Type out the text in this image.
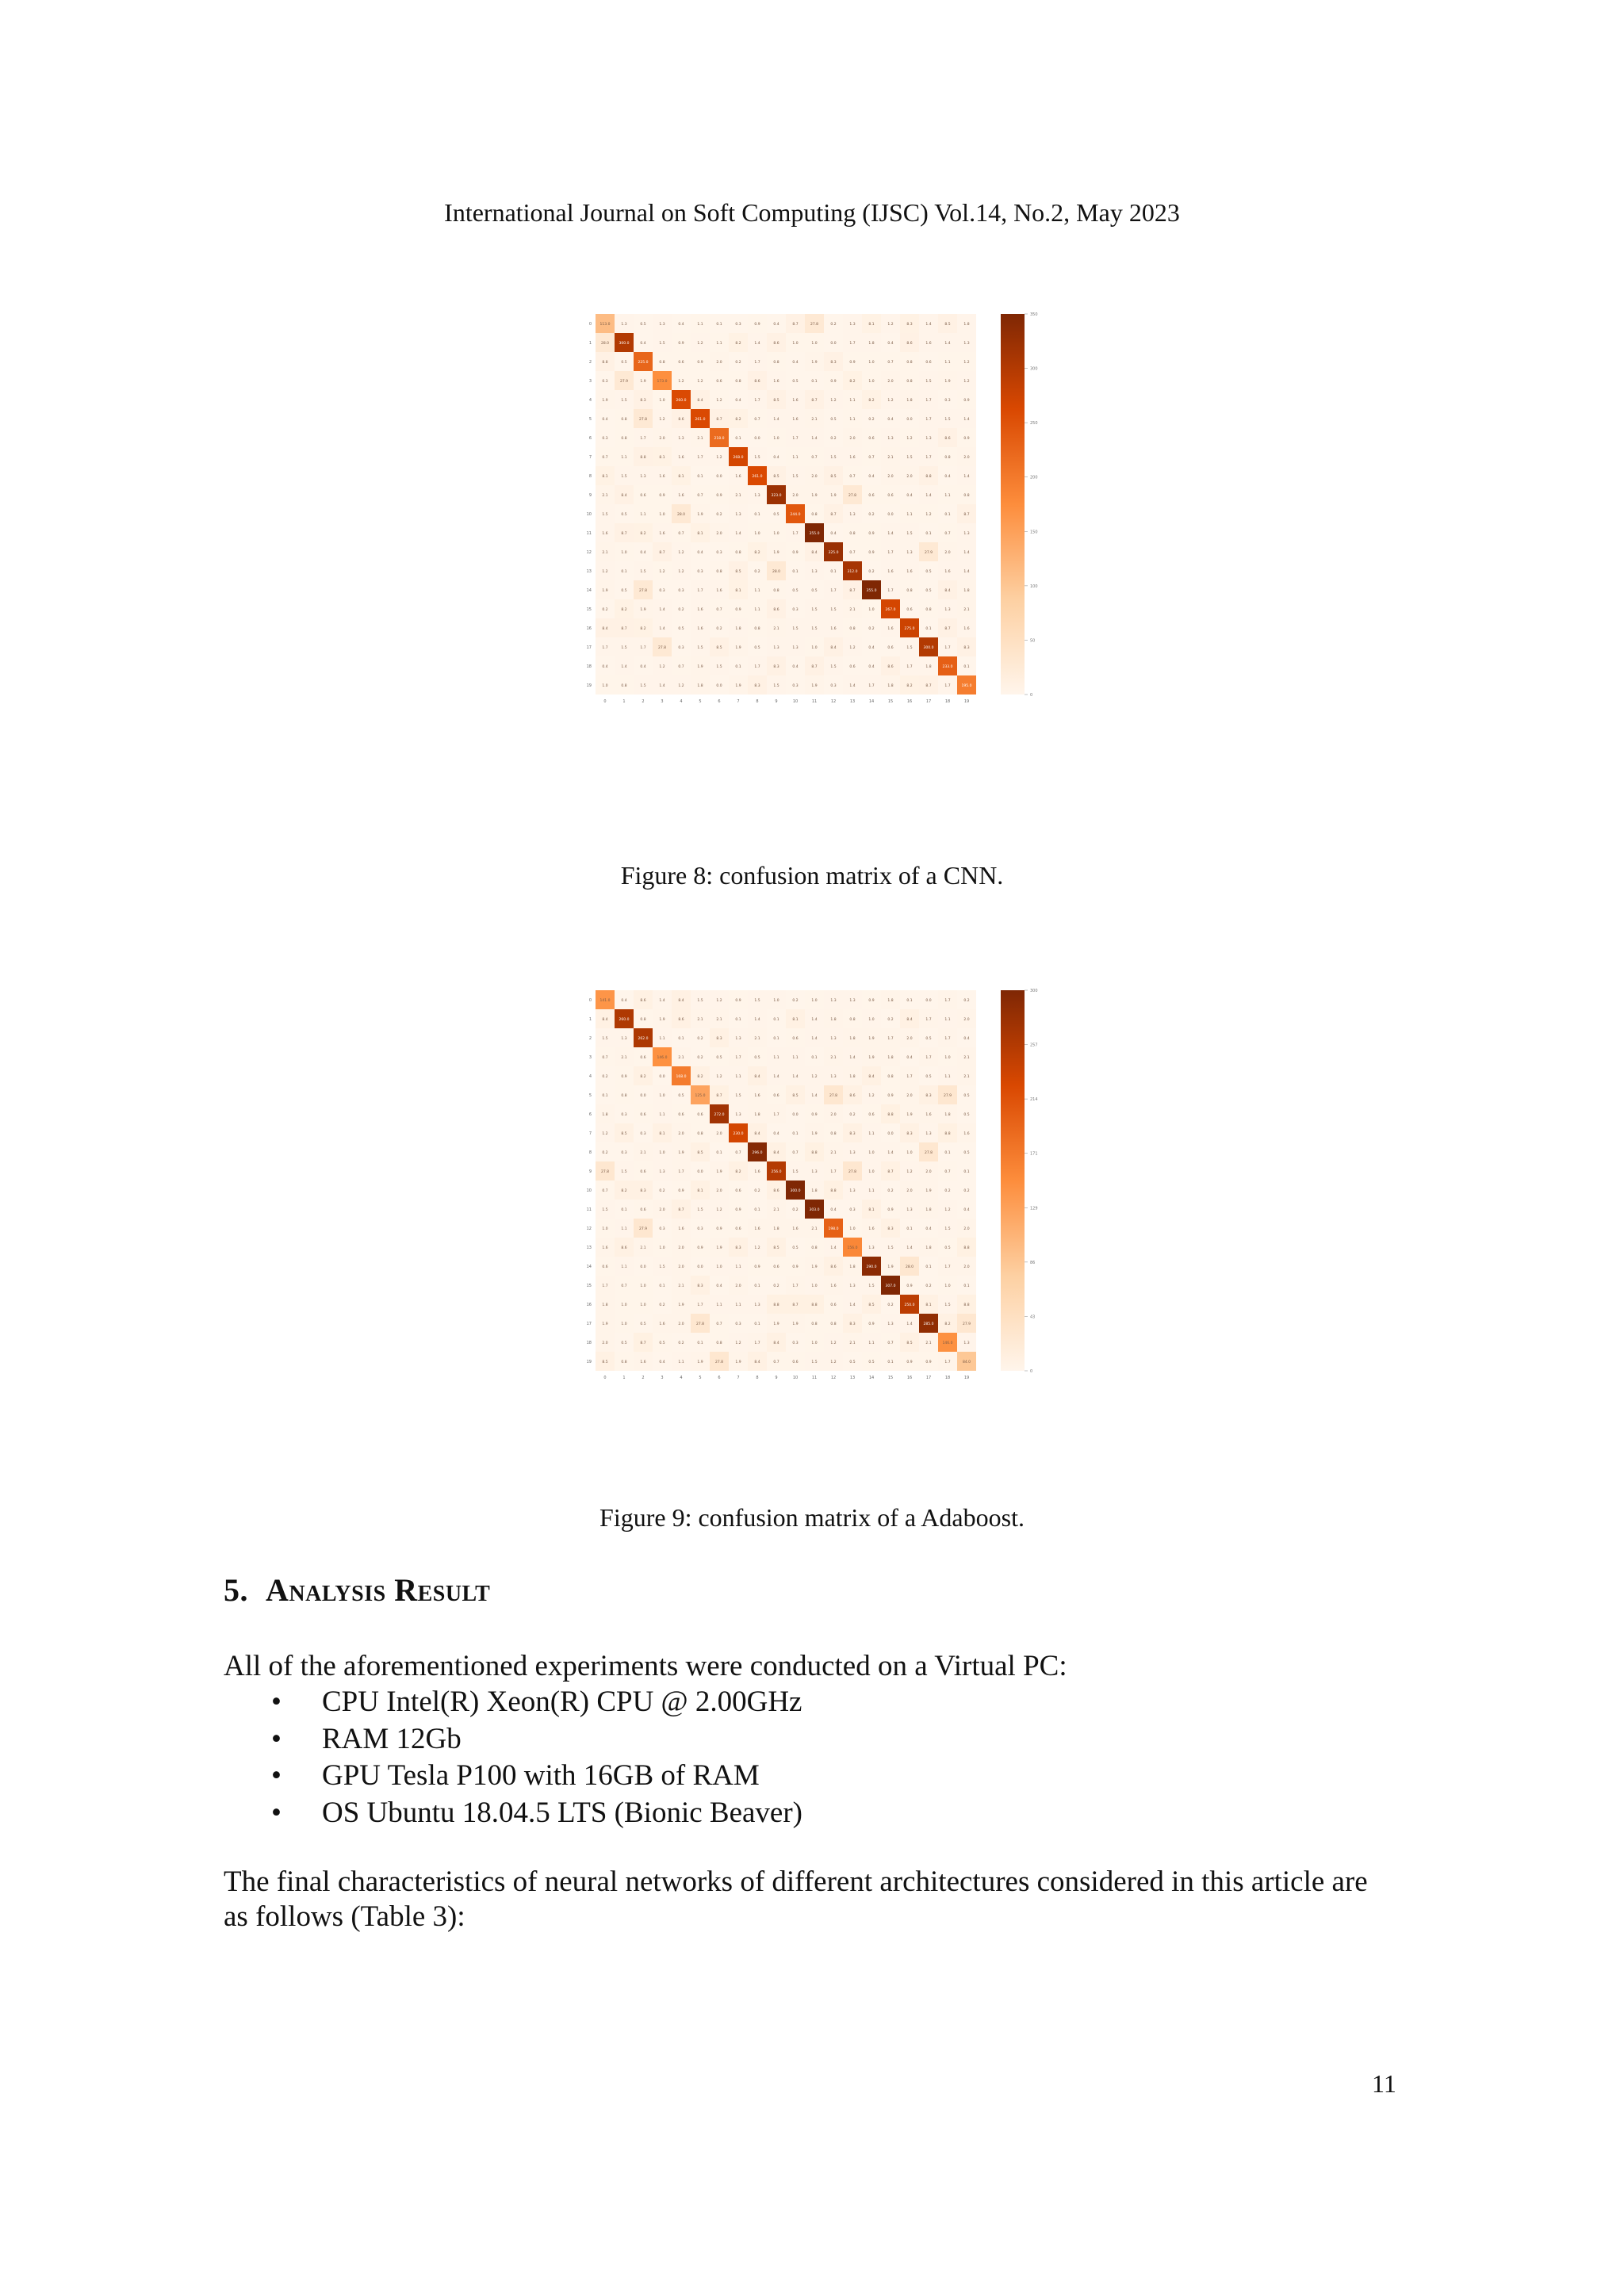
International Journal on Soft Computing (IJSC) Vol.14, No.2, May 2023
113.0	1.3	0.5	1.3	0.4	1.1	0.1	0.3	0.9	0.4	8.7	27.8	0.2	1.3	8.1	1.2	8.3	1.4	8.5	1.8
0
0
28.0	300.0	0.4	1.5	0.9	1.2	1.1	8.2	1.4	8.6	1.0	1.0	0.0	1.7	1.8	0.4	8.6	1.6	1.4	1.3
1
1
8.8	0.5	225.0	0.8	0.6	0.9	2.0	0.2	1.7	0.8	0.4	1.9	8.3	0.9	1.0	0.7	0.8	0.6	1.1	1.2
2
2
0.3	27.9	1.9	173.0	1.2	1.2	0.6	0.8	8.6	1.6	0.5	0.1	0.9	8.2	1.0	2.0	0.8	1.5	1.9	1.2
3
3
1.9	1.5	8.3	1.0	260.0	8.4	1.2	0.4	1.7	8.5	1.6	8.7	1.2	1.1	8.2	1.2	1.8	1.7	0.3	0.9
4
4
0.4	0.8	27.8	1.2	8.6	261.0	8.7	8.2	0.7	1.4	1.6	2.1	0.5	1.1	0.2	0.4	0.0	1.7	1.5	1.4
5
5
0.3	0.8	1.7	2.0	1.3	2.1	218.0	0.1	0.0	1.0	1.7	1.4	0.2	2.0	0.6	1.3	1.2	1.3	8.6	0.9
6
6
0.7	1.1	8.8	8.1	1.6	1.7	1.2	268.0	1.5	0.4	1.1	0.7	1.5	1.6	0.7	2.1	1.5	1.7	0.8	2.0
7
7
8.1	1.5	1.3	1.6	8.1	0.1	0.0	1.6	261.0	8.5	1.5	2.0	8.5	0.7	0.4	2.0	2.0	8.8	0.4	1.4
8
8
2.1	8.4	0.6	0.9	1.6	0.7	0.9	2.1	1.3	323.0	2.0	1.9	1.9	27.8	0.6	0.6	0.4	1.4	1.1	0.8
9
9
1.5	0.5	1.1	1.0	28.0	1.9	0.2	1.3	0.1	0.5	244.0	0.8	8.7	1.3	0.2	0.0	1.1	1.2	0.1	8.7
10
10
1.6	8.7	8.2	1.6	0.7	8.1	2.0	1.4	1.0	1.0	1.7	355.0	0.4	0.8	0.9	1.4	1.5	0.1	0.7	1.3
11
11
2.1	1.0	0.4	8.7	1.2	0.4	0.3	0.8	8.2	1.9	0.9	8.4	325.0	0.7	0.9	1.7	1.3	27.9	2.0	1.4
12
12
1.2	0.1	1.5	1.2	1.2	0.3	0.8	8.5	0.2	28.0	0.1	1.3	0.1	312.0	0.2	1.6	1.6	0.5	1.6	1.4
13
13
1.9	0.5	27.8	0.3	0.3	1.7	1.6	8.1	1.1	0.8	0.5	0.5	1.7	8.7	355.0	1.7	0.8	0.5	8.4	1.8
14
14
0.2	8.2	1.9	1.4	0.2	1.6	0.7	0.9	1.1	8.6	0.3	1.5	1.5	2.1	1.0	267.0	0.6	0.8	1.3	2.1
15
15
8.4	8.7	8.2	1.4	0.5	1.6	0.2	1.8	0.8	2.1	1.5	1.5	1.6	0.8	0.2	1.6	275.0	0.1	8.7	1.6
16
16
1.7	1.5	1.7	27.8	0.3	1.5	8.5	1.9	0.5	1.3	1.3	1.0	8.4	1.2	0.4	0.6	1.5	300.0	1.7	8.3
17
17
0.4	1.4	0.4	1.2	0.7	1.9	1.5	0.1	1.7	8.3	0.4	8.7	1.5	0.6	0.4	8.6	1.7	1.8	233.0	0.1
18
18
1.0	0.8	1.5	1.4	1.2	1.8	0.0	1.9	8.3	1.5	0.3	1.9	0.3	1.4	1.7	1.8	8.2	8.7	1.7	195.0
19
19
0
50
100
150
200
250
300
350
Figure 8: confusion matrix of a CNN.
141.0	0.4	8.6	1.4	8.4	1.5	1.2	0.9	1.5	1.0	0.2	1.0	1.3	1.3	0.9	1.8	0.1	0.0	1.7	0.2
0
0
8.4	260.0	0.8	1.9	8.6	2.1	2.1	0.1	1.4	0.1	8.1	1.4	1.8	0.8	1.0	0.2	8.4	1.7	1.1	2.0
1
1
1.5	1.3	262.0	1.1	0.1	0.2	8.3	1.3	2.1	0.1	0.6	1.4	1.3	1.8	1.9	1.7	2.0	0.5	1.7	0.4
2
2
0.7	2.1	0.6	146.0	2.1	0.2	0.5	1.7	0.5	1.1	1.1	0.1	2.1	1.4	1.9	1.8	0.4	1.7	1.0	2.1
3
3
0.2	0.9	8.2	0.0	168.0	8.2	1.2	1.1	8.4	1.4	1.4	1.2	1.3	1.8	8.4	0.8	1.7	0.5	1.1	2.1
4
4
0.1	0.8	0.0	1.0	0.5	125.0	8.7	1.5	1.6	0.6	8.5	1.4	27.8	8.6	1.2	0.9	2.0	8.3	27.9	0.5
5
5
1.8	0.3	0.6	1.1	0.6	0.6	272.0	1.3	1.8	1.7	0.0	0.9	2.0	0.2	0.6	8.8	1.9	1.6	1.8	0.5
6
6
1.2	8.5	0.3	8.1	2.0	0.8	2.0	230.0	8.4	0.4	0.1	1.9	0.8	8.3	1.1	0.0	8.3	1.3	8.8	1.6
7
7
0.2	0.3	2.1	1.0	1.9	8.5	0.1	0.7	296.0	8.4	0.7	8.8	2.1	1.3	1.0	1.4	1.0	27.8	0.1	0.5
8
8
27.8	1.5	0.6	1.3	1.7	0.0	1.9	8.2	1.6	256.0	1.5	1.3	1.7	27.8	1.0	8.7	1.2	2.0	0.7	0.1
9
9
0.7	8.2	8.3	0.2	0.9	8.1	2.0	0.6	0.2	8.6	300.0	1.8	8.8	1.3	1.1	0.2	2.0	1.9	0.2	0.2
10
10
1.5	0.1	0.6	2.0	8.7	1.5	1.2	0.9	0.1	2.1	0.2	303.0	0.4	0.3	8.1	0.9	1.3	1.8	1.2	0.4
11
11
1.0	1.1	27.9	0.3	1.6	0.3	0.9	0.6	1.6	1.8	1.6	2.1	198.0	1.0	1.6	8.3	0.1	0.4	1.5	2.0
12
12
1.6	8.6	2.1	1.0	2.0	0.9	1.9	8.3	1.2	8.5	0.5	0.8	1.4	156.0	1.3	1.5	1.4	1.8	0.5	8.8
13
13
0.6	1.1	0.0	1.5	2.0	0.0	1.0	1.1	0.9	0.6	0.9	1.9	8.6	1.8	290.0	1.9	28.0	0.1	1.7	2.0
14
14
1.7	0.7	1.0	0.1	2.1	8.3	0.4	2.0	0.1	0.2	1.7	1.0	1.6	1.3	1.5	307.0	0.9	0.2	1.0	0.1
15
15
1.8	1.0	1.0	0.2	1.9	1.7	1.1	1.1	1.3	8.8	8.7	8.8	0.6	1.4	8.5	0.2	250.0	8.1	1.5	8.8
16
16
1.9	1.0	0.5	1.6	2.0	27.8	0.7	0.3	0.1	1.9	1.9	0.8	0.8	8.3	0.9	1.3	1.4	285.0	8.2	27.9
17
17
2.0	0.5	8.7	0.5	0.2	0.1	0.8	1.2	1.7	8.4	0.3	1.0	1.2	2.1	1.1	0.7	8.5	2.1	146.0	1.3
18
18
8.5	0.8	1.6	0.4	1.1	1.9	27.8	1.9	8.4	0.7	0.6	1.5	1.2	0.5	0.5	0.1	0.9	0.9	1.7	84.0
19
19
0
43
86
129
171
214
257
300
Figure 9: confusion matrix of a Adaboost.
5. Analysis Result
All of the aforementioned experiments were conducted on a Virtual PC:
• CPU Intel(R) Xeon(R) CPU @ 2.00GHz
• RAM 12Gb
• GPU Tesla P100 with 16GB of RAM
• OS Ubuntu 18.04.5 LTS (Bionic Beaver)
The final characteristics of neural networks of different architectures considered in this article are
as follows (Table 3):
11
